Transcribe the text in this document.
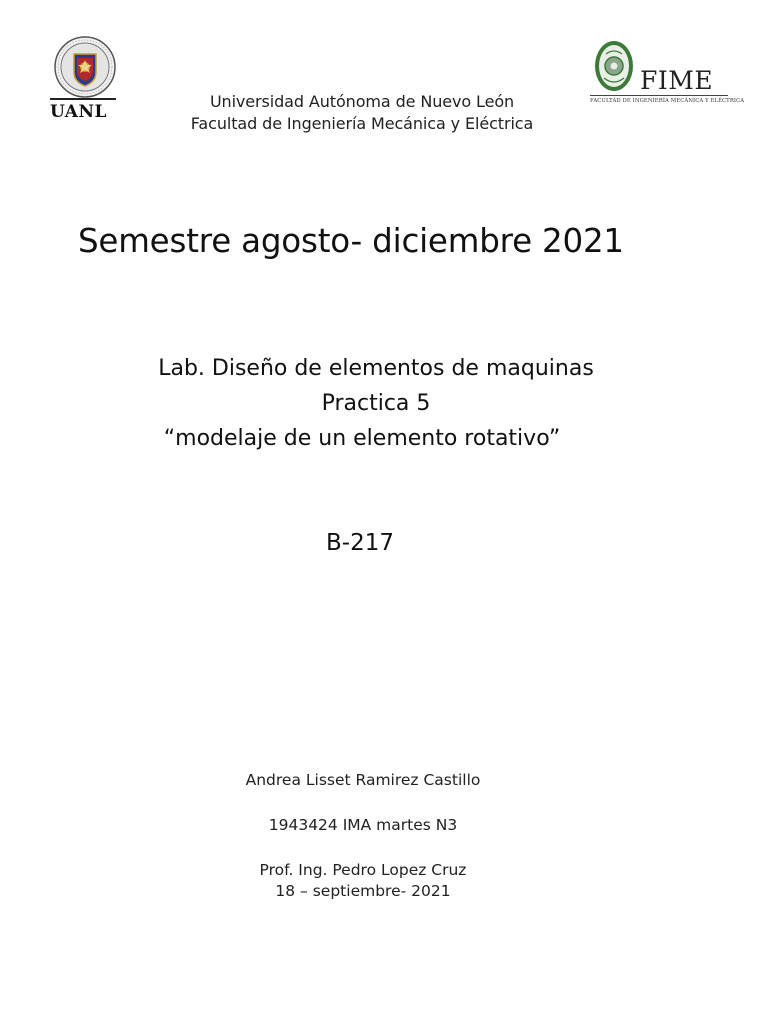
UANL
FIME
FACULTAD DE INGENIERÍA MECÁNICA Y ELÉCTRICA
Universidad Autónoma de Nuevo León
Facultad de Ingeniería Mecánica y Eléctrica
Semestre agosto- diciembre 2021
Lab. Diseño de elementos de maquinas
Practica 5
“modelaje de un elemento rotativo”
B-217
Andrea Lisset Ramirez Castillo
1943424 IMA martes N3
Prof. Ing. Pedro Lopez Cruz
18 – septiembre- 2021
